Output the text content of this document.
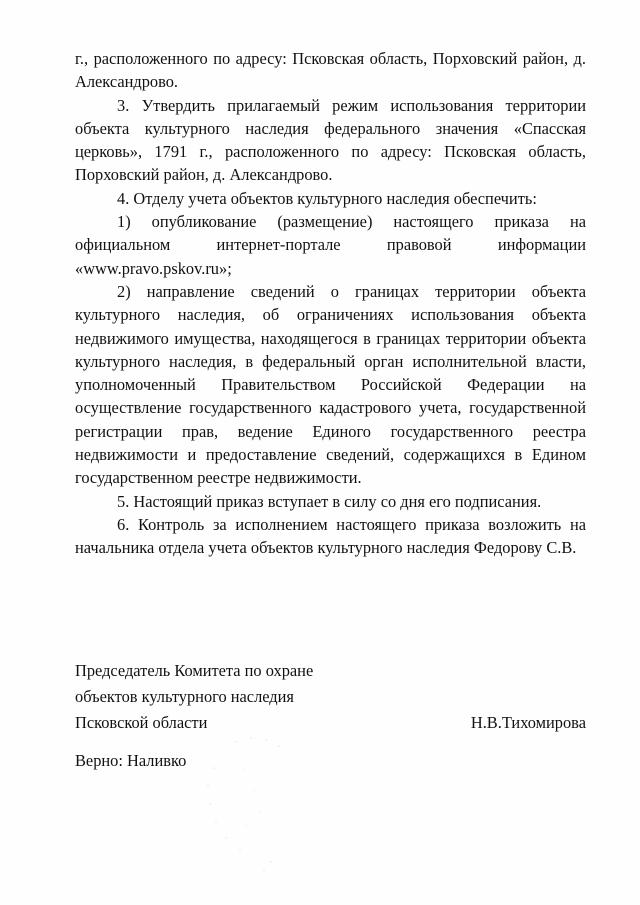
г., расположенного по адресу: Псковская область, Порховский район, д. Александрово.

3. Утвердить прилагаемый режим использования территории объекта культурного наследия федерального значения «Спасская церковь», 1791 г., расположенного по адресу: Псковская область, Порховский район, д. Александрово.

4. Отделу учета объектов культурного наследия обеспечить:

1) опубликование (размещение) настоящего приказа на официальном интернет-портале правовой информации «www.pravo.pskov.ru»;

2) направление сведений о границах территории объекта культурного наследия, об ограничениях использования объекта недвижимого имущества, находящегося в границах территории объекта культурного наследия, в федеральный орган исполнительной власти, уполномоченный Правительством Российской Федерации на осуществление государственного кадастрового учета, государственной регистрации прав, ведение Единого государственного реестра недвижимости и предоставление сведений, содержащихся в Едином государственном реестре недвижимости.

5. Настоящий приказ вступает в силу со дня его подписания.

6. Контроль за исполнением настоящего приказа возложить на начальника отдела учета объектов культурного наследия Федорову С.В.

Председатель Комитета по охране

объектов культурного наследия

Псковской области	Н.В.Тихомирова

Верно: Наливко
